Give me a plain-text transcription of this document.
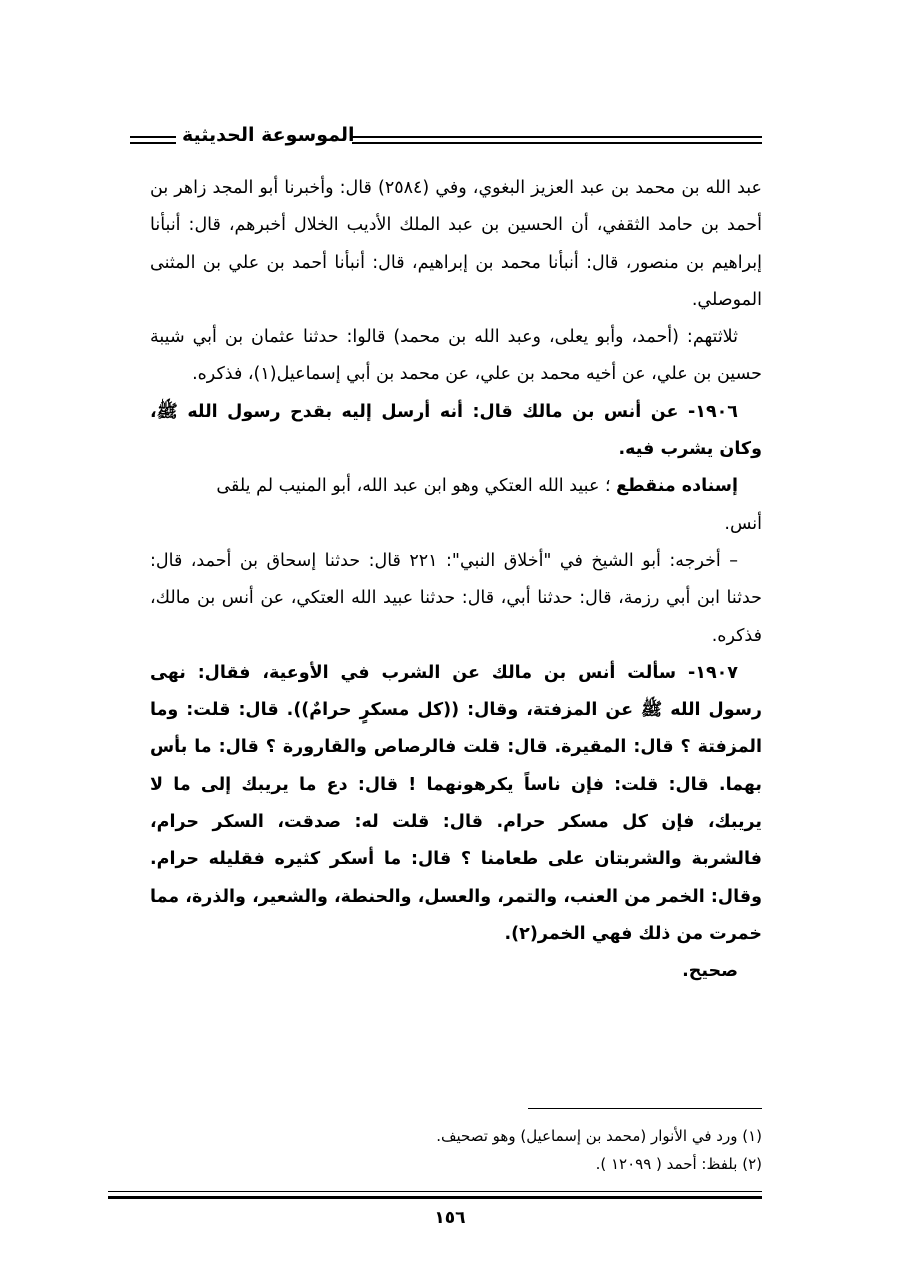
الموسوعة الحديثية

عبد الله بن محمد بن عبد العزيز البغوي، وفي (٢٥٨٤) قال: وأخبرنا أبو المجد زاهر بن أحمد بن حامد الثقفي، أن الحسين بن عبد الملك الأديب الخلال أخبرهم، قال: أنبأنا إبراهيم بن منصور، قال: أنبأنا محمد بن إبراهيم، قال: أنبأنا أحمد بن علي بن المثنى الموصلي.

ثلاثتهم: (أحمد، وأبو يعلى، وعبد الله بن محمد) قالوا: حدثنا عثمان بن أبي شيبة حسين بن علي، عن أخيه محمد بن علي، عن محمد بن أبي إسماعيل(١)، فذكره.

١٩٠٦- عن أنس بن مالك قال: أنه أرسل إليه بقدح رسول الله ﷺ، وكان يشرب فيه.

إسناده منقطع ؛ عبيد الله العتكي وهو ابن عبد الله، أبو المنيب لم يلقى

أنس.

– أخرجه: أبو الشيخ في "أخلاق النبي": ٢٢١ قال: حدثنا إسحاق بن أحمد، قال: حدثنا ابن أبي رزمة، قال: حدثنا أبي، قال: حدثنا عبيد الله العتكي، عن أنس بن مالك، فذكره.

١٩٠٧- سألت أنس بن مالك عن الشرب في الأوعية، فقال: نهى رسول الله ﷺ عن المزفتة، وقال: ((كل مسكرٍ حرامٌ)). قال: قلت: وما المزفتة ؟ قال: المقيرة. قال: قلت فالرصاص والقارورة ؟ قال: ما بأس بهما. قال: قلت: فإن ناساً يكرهونهما ! قال: دع ما يريبك إلى ما لا يريبك، فإن كل مسكر حرام. قال: قلت له: صدقت، السكر حرام، فالشربة والشربتان على طعامنا ؟ قال: ما أسكر كثيره فقليله حرام. وقال: الخمر من العنب، والتمر، والعسل، والحنطة، والشعير، والذرة، مما خمرت من ذلك فهي الخمر(٢).

صحيح.

(١) ورد في الأنوار (محمد بن إسماعيل) وهو تصحيف.

(٢) بلفظ: أحمد ( ١٢٠٩٩ ).

١٥٦
